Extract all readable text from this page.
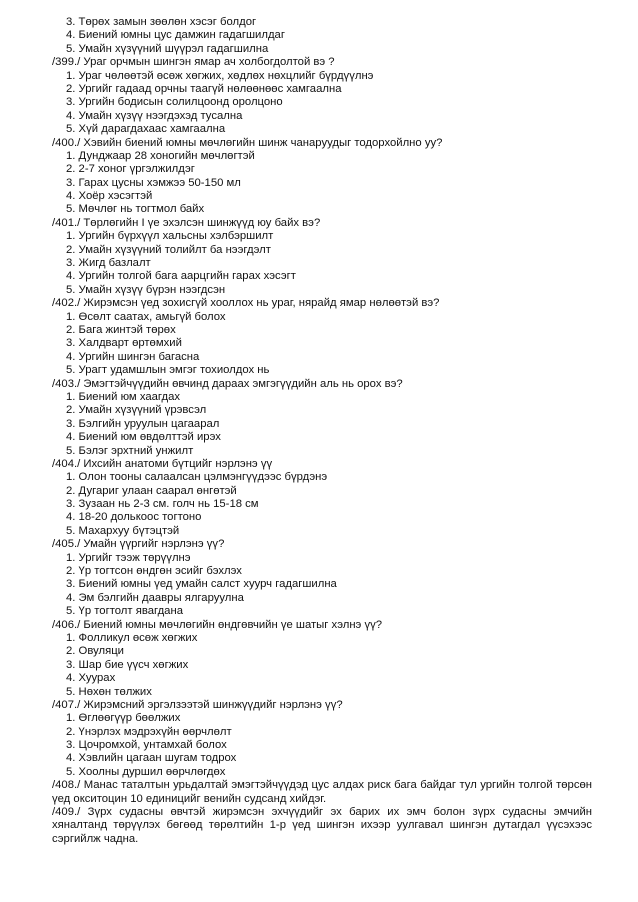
3. Төрөх замын зөөлөн хэсэг болдог
4. Биений юмны цус дамжин гадагшилдаг
5. Умайн хүзүүний шүүрэл гадагшилна
/399./ Ураг орчмын шингэн ямар ач холбогдолтой вэ ?
1. Ураг чөлөөтэй өсөж хөгжих, хөдлөх нөхцлийг бүрдүүлнэ
2. Ургийг гадаад орчны таагүй нөлөөнөөс хамгаална
3. Ургийн бодисын солилцоонд оролцоно
4. Умайн хүзүү нээгдэхэд тусална
5. Хүй дарагдахаас хамгаална
/400./ Хэвийн биений юмны мөчлөгийн шинж чанаруудыг тодорхойлно уу?
1. Дунджаар 28 хоногийн мөчлөгтэй
2. 2-7 хоног үргэлжилдэг
3. Гарах цусны хэмжээ 50-150 мл
4. Хоёр хэсэгтэй
5. Мөчлөг нь тогтмол байх
/401./ Төрлөгийн I үе эхэлсэн шинжүүд юу байх вэ?
1. Ургийн бүрхүүл хальсны хэлбэршилт
2. Умайн хүзүүний толийлт ба нээгдэлт
3. Жигд базлалт
4. Ургийн толгой бага аарцгийн гарах хэсэгт
5. Умайн хүзүү бүрэн нээгдсэн
/402./ Жирэмсэн үед зохисгүй хооллох нь ураг, нярайд ямар нөлөөтэй вэ?
1. Өсөлт саатах, амьгүй болох
2. Бага жинтэй төрөх
3. Халдварт өртөмхий
4. Ургийн шингэн багасна
5. Урагт удамшлын эмгэг тохиолдох нь
/403./ Эмэгтэйчүүдийн өвчинд дараах эмгэгүүдийн аль нь орох вэ?
1. Биений юм хаагдах
2. Умайн хүзүүний үрэвсэл
3. Бэлгийн уруулын цагаарал
4. Биений юм өвдөлттэй ирэх
5. Бэлэг эрхтний унжилт
/404./ Ихсийн анатоми бүтцийг нэрлэнэ үү
1. Олон тооны салаалсан цэлмэнгүүдээс бүрдэнэ
2. Дугариг улаан саарал өнгөтэй
3. Зузаан нь 2-3 см. голч нь 15-18 см
4. 18-20 долькоос тогтоно
5. Махархуу бүтэцтэй
/405./ Умайн үүргийг нэрлэнэ үү?
1. Ургийг тээж төрүүлнэ
2. Үр тогтсон өндгөн эсийг бэхлэх
3. Биений юмны үед умайн салст хуурч гадагшилна
4. Эм бэлгийн даавры ялгаруулна
5. Үр тогтолт явагдана
/406./ Биений юмны мөчлөгийн өндгөвчийн үе шатыг хэлнэ үү?
1. Фолликул өсөж хөгжих
2. Овуляци
3. Шар бие үүсч хөгжих
4. Хуурах
5. Нөхөн төлжих
/407./ Жирэмсний эргэлзээтэй шинжүүдийг нэрлэнэ үү?
1. Өглөөгүүр бөөлжих
2. Үнэрлэх мэдрэхүйн өөрчлөлт
3. Цочромхой, унтамхай болох
4. Хэвлийн цагаан шугам тодрох
5. Хоолны дуршил өөрчлөгдөх
/408./ Манас таталтын урьдалтай эмэгтэйчүүдэд цус алдах риск бага байдаг тул ургийн толгой төрсөн үед окситоцин 10 единицийг венийн судсанд хийдэг.
/409./ Зүрх судасны өвчтэй жирэмсэн эхчүүдийг эх барих их эмч болон зүрх судасны эмчийн хяналтанд төрүүлэх бөгөөд төрөлтийн 1-р үед шингэн ихээр уулгавал шингэн дутагдал үүсэхээс сэргийлж чадна.
